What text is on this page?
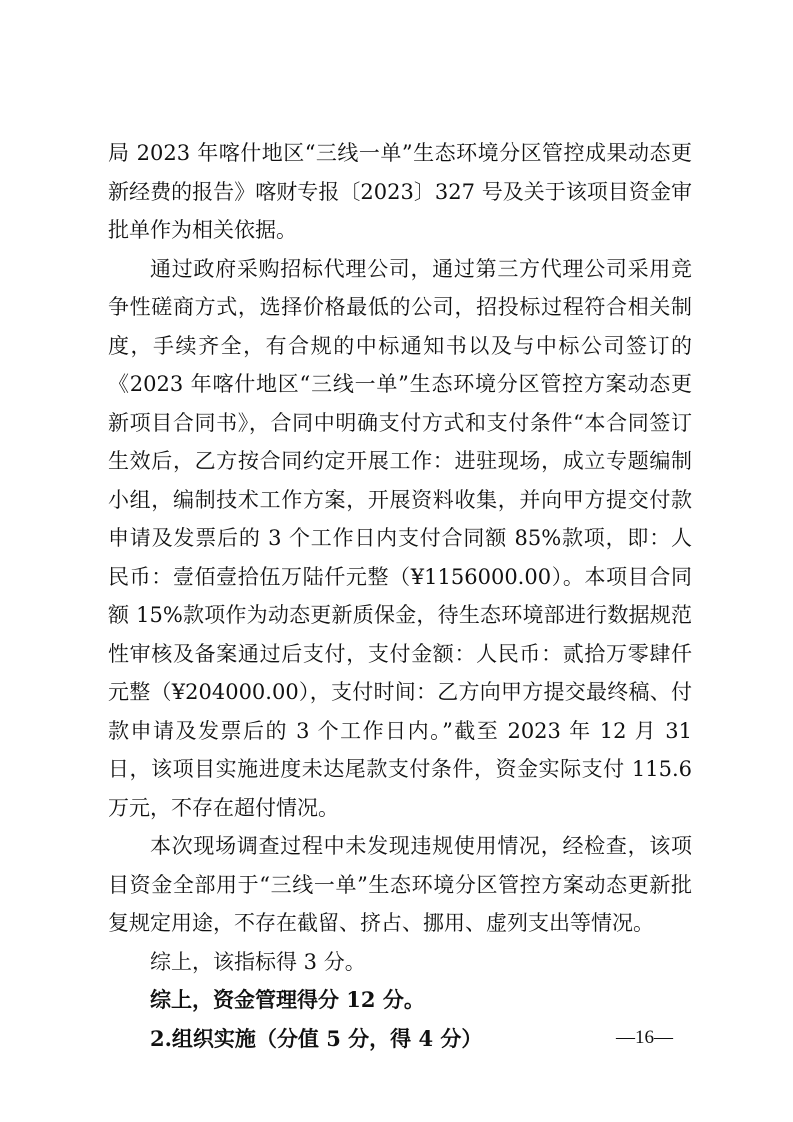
局 2023 年喀什地区“三线一单”生态环境分区管控成果动态更新经费的报告》喀财专报〔2023〕327 号及关于该项目资金审批单作为相关依据。

通过政府采购招标代理公司，通过第三方代理公司采用竞争性磋商方式，选择价格最低的公司，招投标过程符合相关制度，手续齐全，有合规的中标通知书以及与中标公司签订的《2023 年喀什地区“三线一单”生态环境分区管控方案动态更新项目合同书》，合同中明确支付方式和支付条件“本合同签订生效后，乙方按合同约定开展工作：进驻现场，成立专题编制小组，编制技术工作方案，开展资料收集，并向甲方提交付款申请及发票后的 3 个工作日内支付合同额 85%款项，即：人民币：壹佰壹拾伍万陆仟元整（¥1156000.00）。本项目合同额 15%款项作为动态更新质保金，待生态环境部进行数据规范性审核及备案通过后支付，支付金额：人民币：贰拾万零肆仟元整（¥204000.00），支付时间：乙方向甲方提交最终稿、付款申请及发票后的 3 个工作日内。”截至 2023 年 12 月 31 日，该项目实施进度未达尾款支付条件，资金实际支付 115.6 万元，不存在超付情况。

本次现场调查过程中未发现违规使用情况，经检查，该项目资金全部用于“三线一单”生态环境分区管控方案动态更新批复规定用途，不存在截留、挤占、挪用、虚列支出等情况。

综上，该指标得 3 分。

综上，资金管理得分 12 分。

2.组织实施（分值 5 分，得 4 分）	—16—
